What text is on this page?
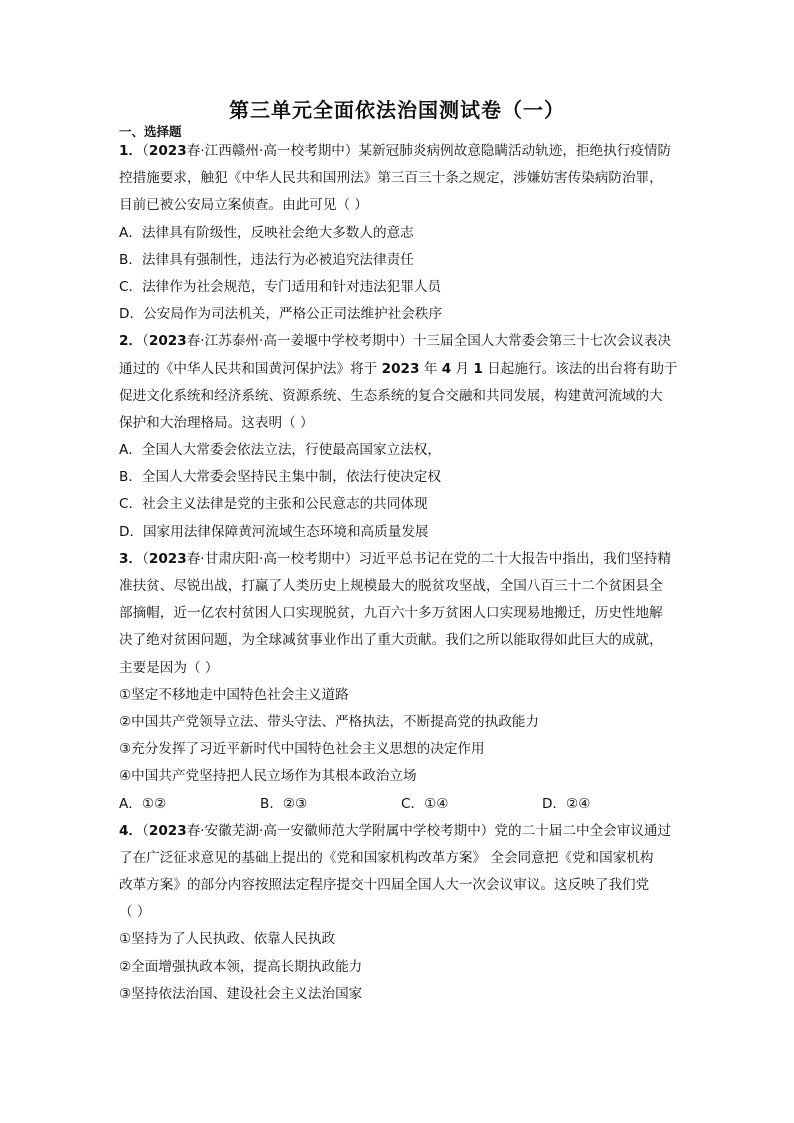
第三单元全面依法治国测试卷（一）
一、选择题
1．（2023春·江西赣州·高一校考期中）某新冠肺炎病例故意隐瞒活动轨迹，拒绝执行疫情防
控措施要求，触犯《中华人民共和国刑法》第三百三十条之规定，涉嫌妨害传染病防治罪，
目前已被公安局立案侦查。由此可见（ ）
A．法律具有阶级性，反映社会绝大多数人的意志
B．法律具有强制性，违法行为必被追究法律责任
C．法律作为社会规范，专门适用和针对违法犯罪人员
D．公安局作为司法机关，严格公正司法维护社会秩序
2．（2023春·江苏泰州·高一姜堰中学校考期中）十三届全国人大常委会第三十七次会议表决
通过的《中华人民共和国黄河保护法》将于 2023 年 4 月 1 日起施行。该法的出台将有助于
促进文化系统和经济系统、资源系统、生态系统的复合交融和共同发展，构建黄河流域的大
保护和大治理格局。这表明（ ）
A．全国人大常委会依法立法，行使最高国家立法权，
B．全国人大常委会坚持民主集中制，依法行使决定权
C．社会主义法律是党的主张和公民意志的共同体现
D．国家用法律保障黄河流域生态环境和高质量发展
3．（2023春·甘肃庆阳·高一校考期中）习近平总书记在党的二十大报告中指出，我们坚持精
准扶贫、尽锐出战，打赢了人类历史上规模最大的脱贫攻坚战，全国八百三十二个贫困县全
部摘帽，近一亿农村贫困人口实现脱贫，九百六十多万贫困人口实现易地搬迁，历史性地解
决了绝对贫困问题，为全球减贫事业作出了重大贡献。我们之所以能取得如此巨大的成就，
主要是因为（ ）
①坚定不移地走中国特色社会主义道路
②中国共产党领导立法、带头守法、严格执法，不断提高党的执政能力
③充分发挥了习近平新时代中国特色社会主义思想的决定作用
④中国共产党坚持把人民立场作为其根本政治立场
A．①②	B．②③	C．①④	D．②④
4．（2023春·安徽芜湖·高一安徽师范大学附属中学校考期中）党的二十届二中全会审议通过
了在广泛征求意见的基础上提出的《党和国家机构改革方案》 全会同意把《党和国家机构
改革方案》的部分内容按照法定程序提交十四届全国人大一次会议审议。这反映了我们党
（ ）
①坚持为了人民执政、依靠人民执政
②全面增强执政本领，提高长期执政能力
③坚持依法治国、建设社会主义法治国家
